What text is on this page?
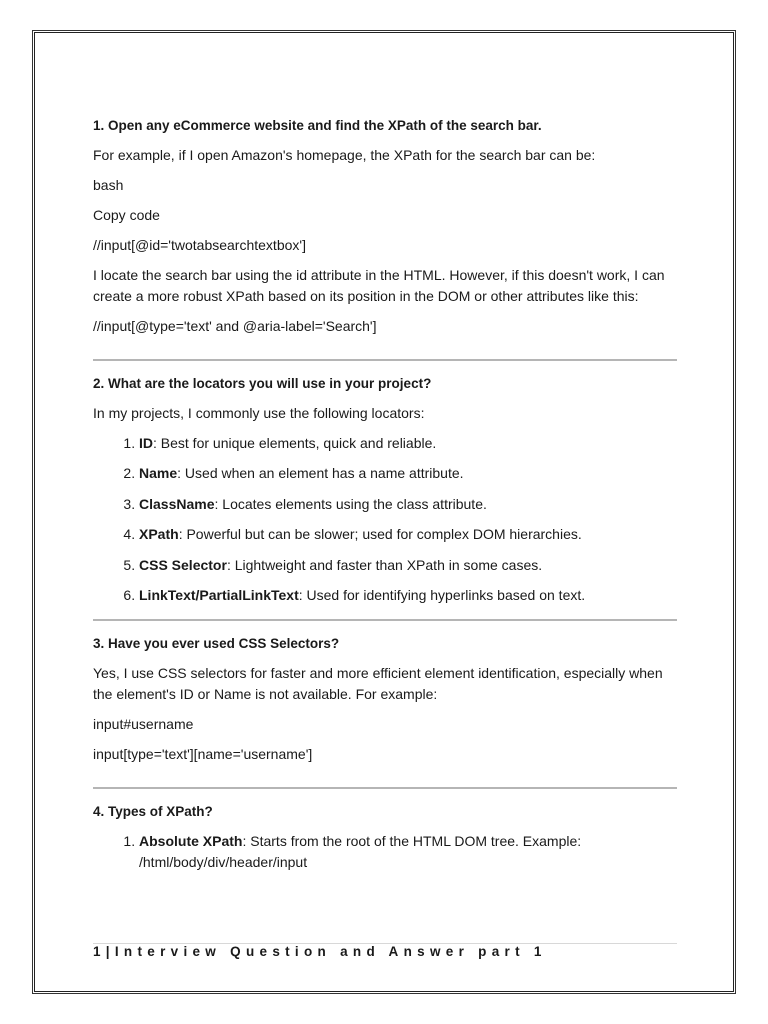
1. Open any eCommerce website and find the XPath of the search bar.

For example, if I open Amazon's homepage, the XPath for the search bar can be:

bash

Copy code

//input[@id='twotabsearchtextbox']

I locate the search bar using the id attribute in the HTML. However, if this doesn't work, I can create a more robust XPath based on its position in the DOM or other attributes like this:

//input[@type='text' and @aria-label='Search']

2. What are the locators you will use in your project?

In my projects, I commonly use the following locators:

1. ID: Best for unique elements, quick and reliable.
2. Name: Used when an element has a name attribute.
3. ClassName: Locates elements using the class attribute.
4. XPath: Powerful but can be slower; used for complex DOM hierarchies.
5. CSS Selector: Lightweight and faster than XPath in some cases.
6. LinkText/PartialLinkText: Used for identifying hyperlinks based on text.

3. Have you ever used CSS Selectors?

Yes, I use CSS selectors for faster and more efficient element identification, especially when the element's ID or Name is not available. For example:

input#username

input[type='text'][name='username']

4. Types of XPath?

1. Absolute XPath: Starts from the root of the HTML DOM tree. Example: /html/body/div/header/input
1|Interview Question and Answer part 1
